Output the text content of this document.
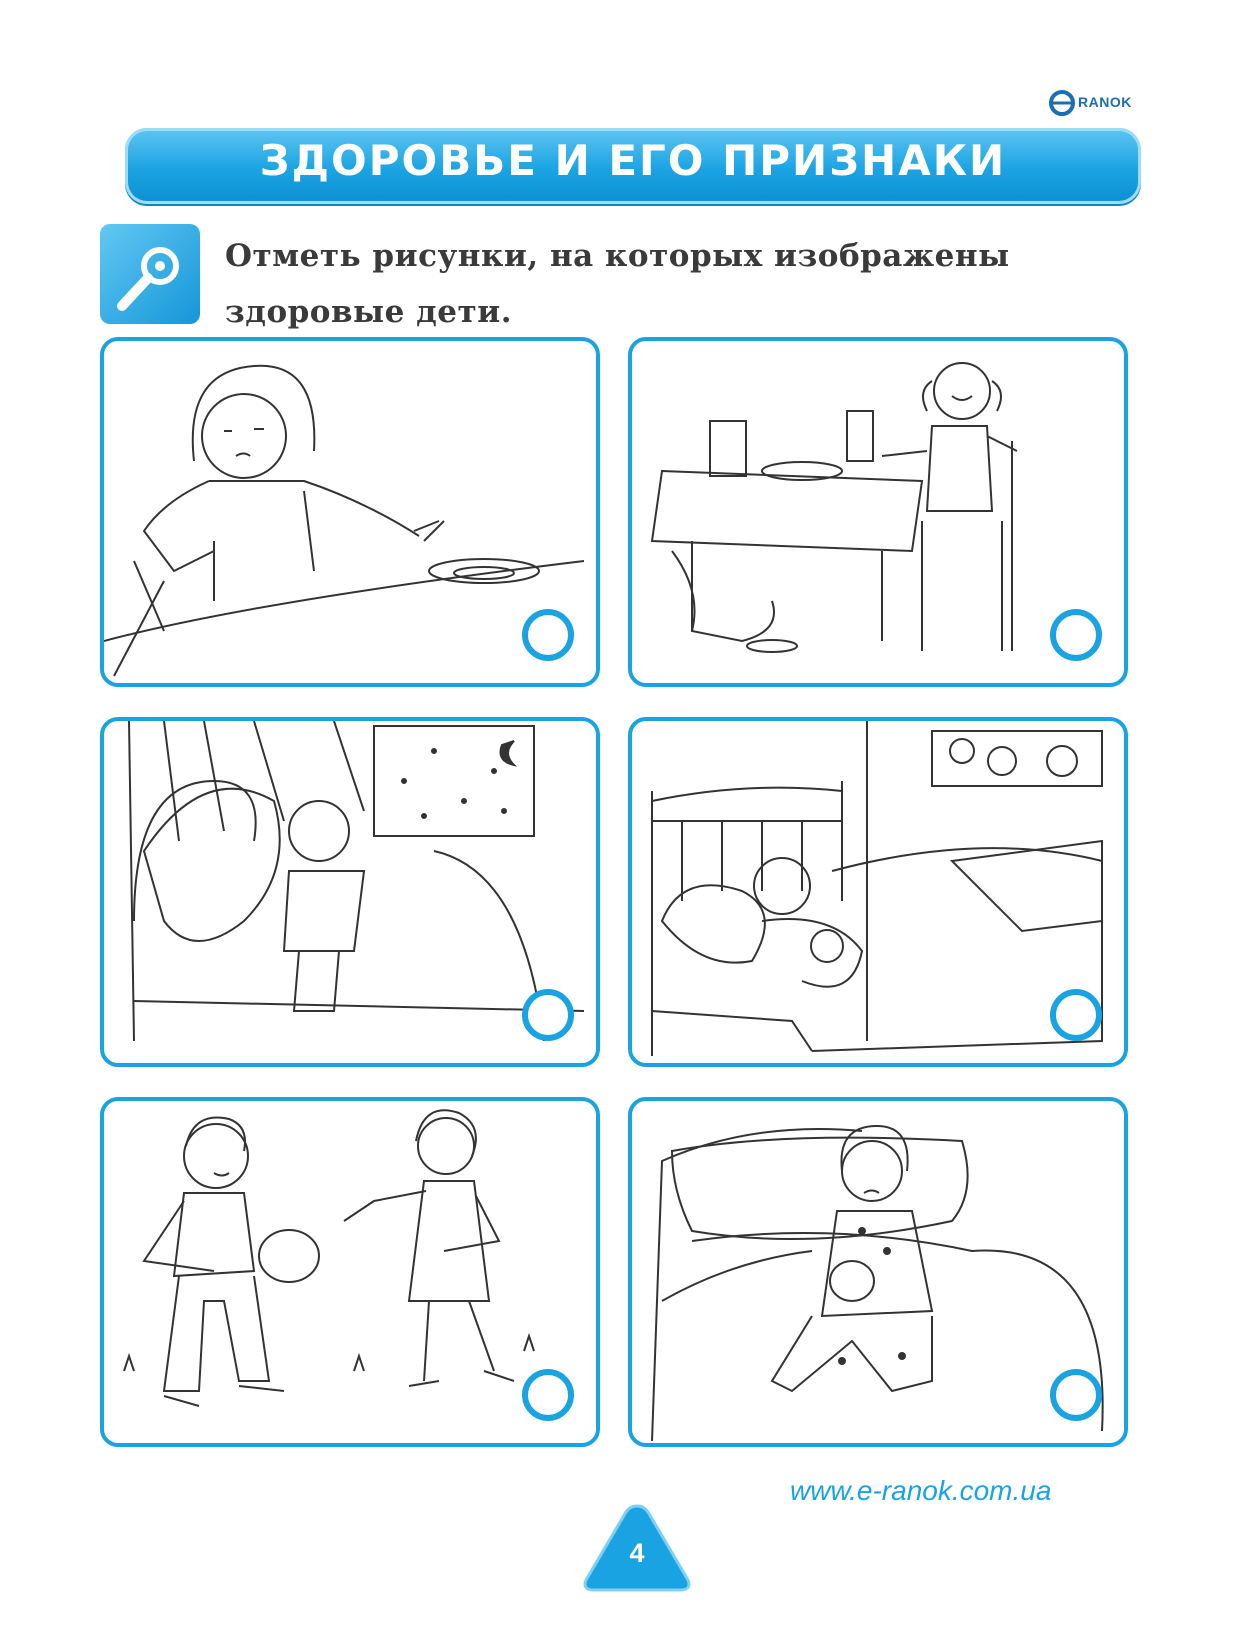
RANOK
ЗДОРОВЬЕ И ЕГО ПРИЗНАКИ
Отметь рисунки, на которых изображены
здоровые дети.
www.e-ranok.com.ua
4
